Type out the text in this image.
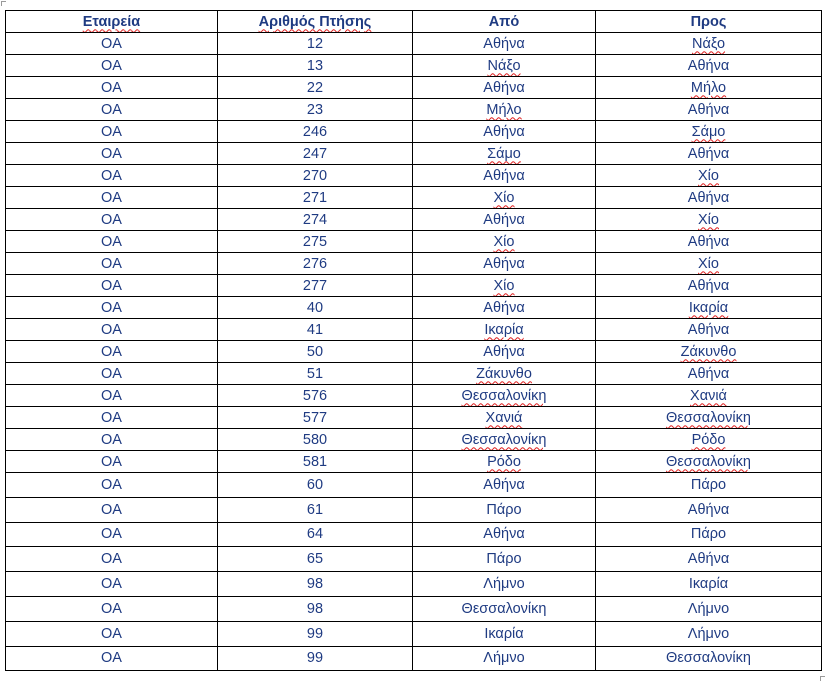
Εταιρεία	Αριθμός Πτήσης	Από	Προς
OA	12	Αθήνα	Νάξο
OA	13	Νάξο	Αθήνα
OA	22	Αθήνα	Μήλο
OA	23	Μήλο	Αθήνα
OA	246	Αθήνα	Σάμο
OA	247	Σάμο	Αθήνα
OA	270	Αθήνα	Χίο
OA	271	Χίο	Αθήνα
OA	274	Αθήνα	Χίο
OA	275	Χίο	Αθήνα
OA	276	Αθήνα	Χίο
OA	277	Χίο	Αθήνα
OA	40	Αθήνα	Ικαρία
OA	41	Ικαρία	Αθήνα
OA	50	Αθήνα	Ζάκυνθο
OA	51	Ζάκυνθο	Αθήνα
OA	576	Θεσσαλονίκη	Χανιά
OA	577	Χανιά	Θεσσαλονίκη
OA	580	Θεσσαλονίκη	Ρόδο
OA	581	Ρόδο	Θεσσαλονίκη
OA	60	Αθήνα	Πάρο
OA	61	Πάρο	Αθήνα
OA	64	Αθήνα	Πάρο
OA	65	Πάρο	Αθήνα
OA	98	Λήμνο	Ικαρία
OA	98	Θεσσαλονίκη	Λήμνο
OA	99	Ικαρία	Λήμνο
OA	99	Λήμνο	Θεσσαλονίκη
